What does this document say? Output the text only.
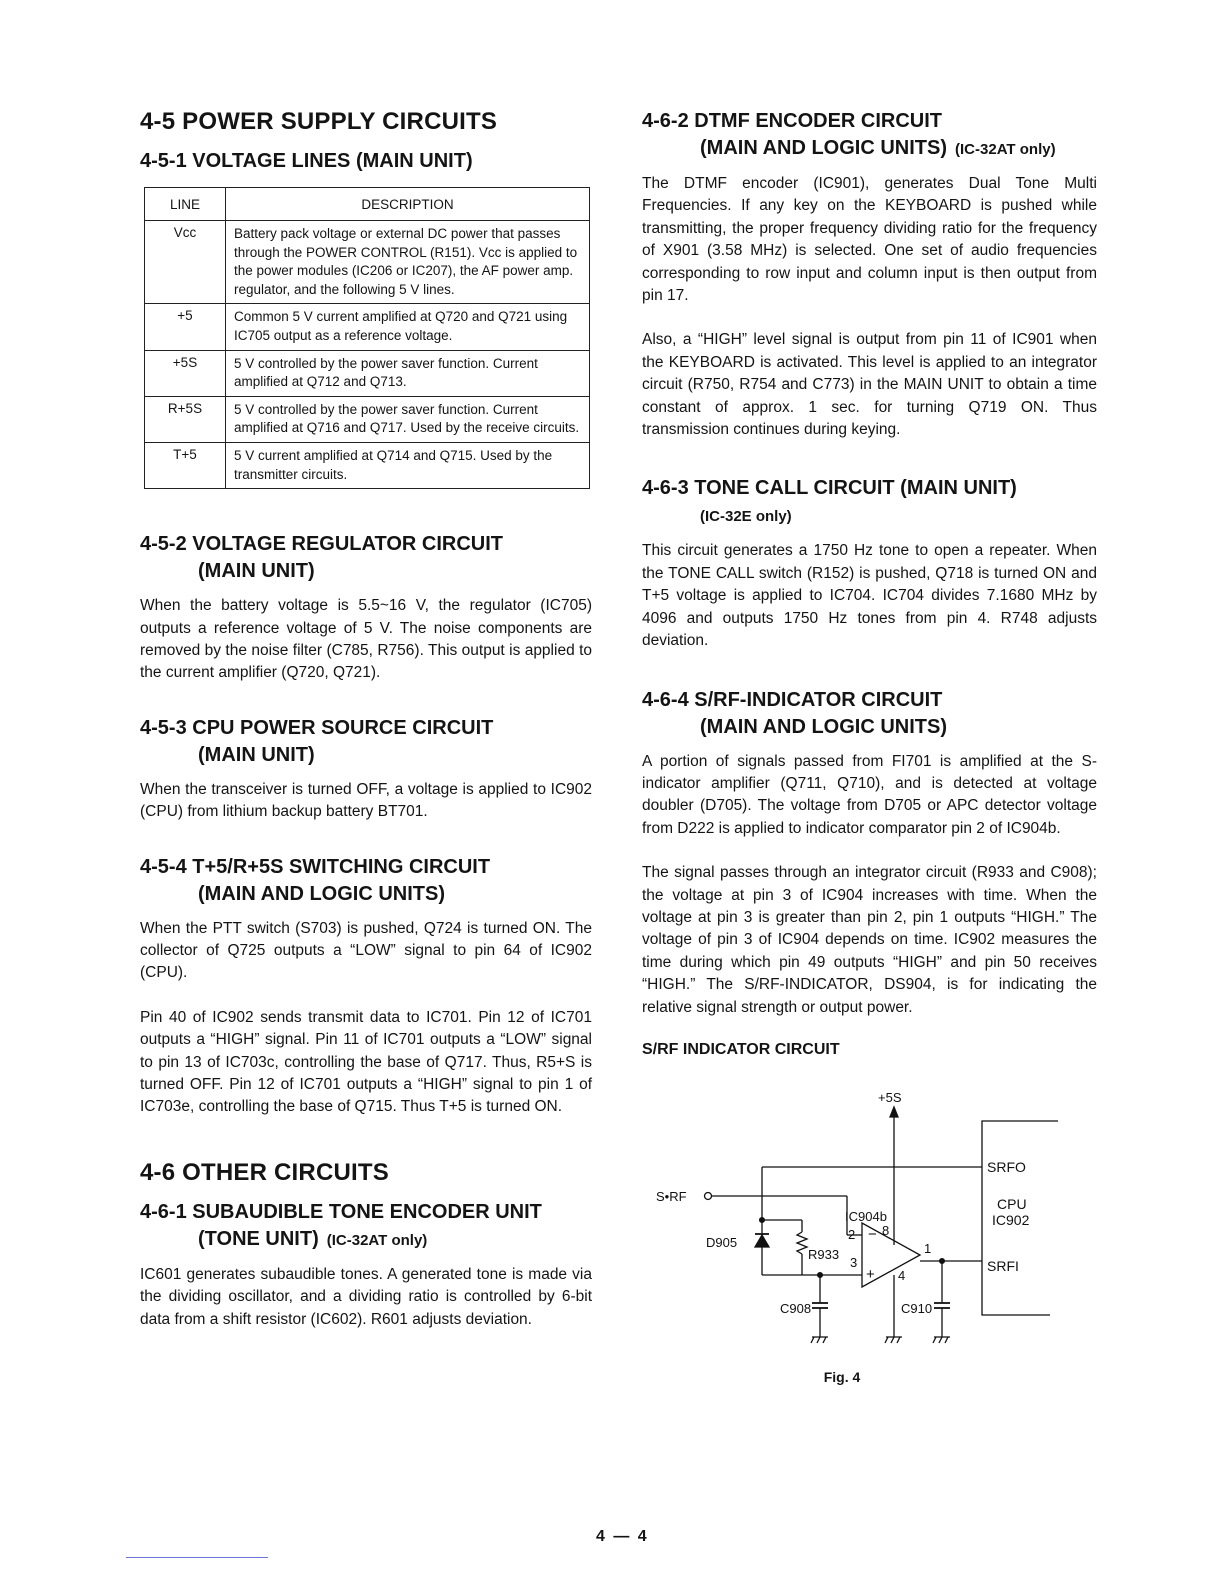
4-5 POWER SUPPLY CIRCUITS
4-5-1 VOLTAGE LINES (MAIN UNIT)
LINE	DESCRIPTION
Vcc	Battery pack voltage or external DC power that passes through the POWER CONTROL (R151). Vcc is applied to the power modules (IC206 or IC207), the AF power amp. regulator, and the following 5 V lines.
+5	Common 5 V current amplified at Q720 and Q721 using IC705 output as a reference voltage.
+5S	5 V controlled by the power saver function. Current amplified at Q712 and Q713.
R+5S	5 V controlled by the power saver function. Current amplified at Q716 and Q717. Used by the receive circuits.
T+5	5 V current amplified at Q714 and Q715. Used by the transmitter circuits.
4-5-2 VOLTAGE REGULATOR CIRCUIT
(MAIN UNIT)

When the battery voltage is 5.5~16 V, the regulator (IC705) outputs a reference voltage of 5 V. The noise components are removed by the noise filter (C785, R756). This output is applied to the current amplifier (Q720, Q721).

4-5-3 CPU POWER SOURCE CIRCUIT
(MAIN UNIT)

When the transceiver is turned OFF, a voltage is applied to IC902 (CPU) from lithium backup battery BT701.

4-5-4 T+5/R+5S SWITCHING CIRCUIT
(MAIN AND LOGIC UNITS)

When the PTT switch (S703) is pushed, Q724 is turned ON. The collector of Q725 outputs a “LOW” signal to pin 64 of IC902 (CPU).

Pin 40 of IC902 sends transmit data to IC701. Pin 12 of IC701 outputs a “HIGH” signal. Pin 11 of IC701 outputs a “LOW” signal to pin 13 of IC703c, controlling the base of Q717. Thus, R5+S is turned OFF. Pin 12 of IC701 outputs a “HIGH” signal to pin 1 of IC703e, controlling the base of Q715. Thus T+5 is turned ON.

4-6 OTHER CIRCUITS
4-6-1 SUBAUDIBLE TONE ENCODER UNIT
(TONE UNIT) (IC-32AT only)

IC601 generates subaudible tones. A generated tone is made via the dividing oscillator, and a dividing ratio is controlled by 6-bit data from a shift resistor (IC602). R601 adjusts deviation.

4-6-2 DTMF ENCODER CIRCUIT
(MAIN AND LOGIC UNITS) (IC-32AT only)

The DTMF encoder (IC901), generates Dual Tone Multi Frequencies. If any key on the KEYBOARD is pushed while transmitting, the proper frequency dividing ratio for the frequency of X901 (3.58 MHz) is selected. One set of audio frequencies corresponding to row input and column input is then output from pin 17.

Also, a “HIGH” level signal is output from pin 11 of IC901 when the KEYBOARD is activated. This level is applied to an integrator circuit (R750, R754 and C773) in the MAIN UNIT to obtain a time constant of approx. 1 sec. for turning Q719 ON. Thus transmission continues during keying.

4-6-3 TONE CALL CIRCUIT (MAIN UNIT)
(IC-32E only)

This circuit generates a 1750 Hz tone to open a repeater. When the TONE CALL switch (R152) is pushed, Q718 is turned ON and T+5 voltage is applied to IC704. IC704 divides 7.1680 MHz by 4096 and outputs 1750 Hz tones from pin 4. R748 adjusts deviation.

4-6-4 S/RF-INDICATOR CIRCUIT
(MAIN AND LOGIC UNITS)

A portion of signals passed from FI701 is amplified at the S-indicator amplifier (Q711, Q710), and is detected at voltage doubler (D705). The voltage from D705 or APC detector voltage from D222 is applied to indicator comparator pin 2 of IC904b.

The signal passes through an integrator circuit (R933 and C908); the voltage at pin 3 of IC904 increases with time. When the voltage at pin 3 is greater than pin 2, pin 1 outputs “HIGH.” The voltage of pin 3 of IC904 depends on time. IC902 measures the time during which pin 49 outputs “HIGH” and pin 50 receives “HIGH.” The S/RF-INDICATOR, DS904, is for indicating the relative signal strength or output power.

S/RF INDICATOR CIRCUIT
+5S
SRFO
CPU
IC902
SRFI
S•RF
D905
R933
IC904b
2 8
3
−
+ 4
1
C908	C910
Fig. 4
4 — 4
